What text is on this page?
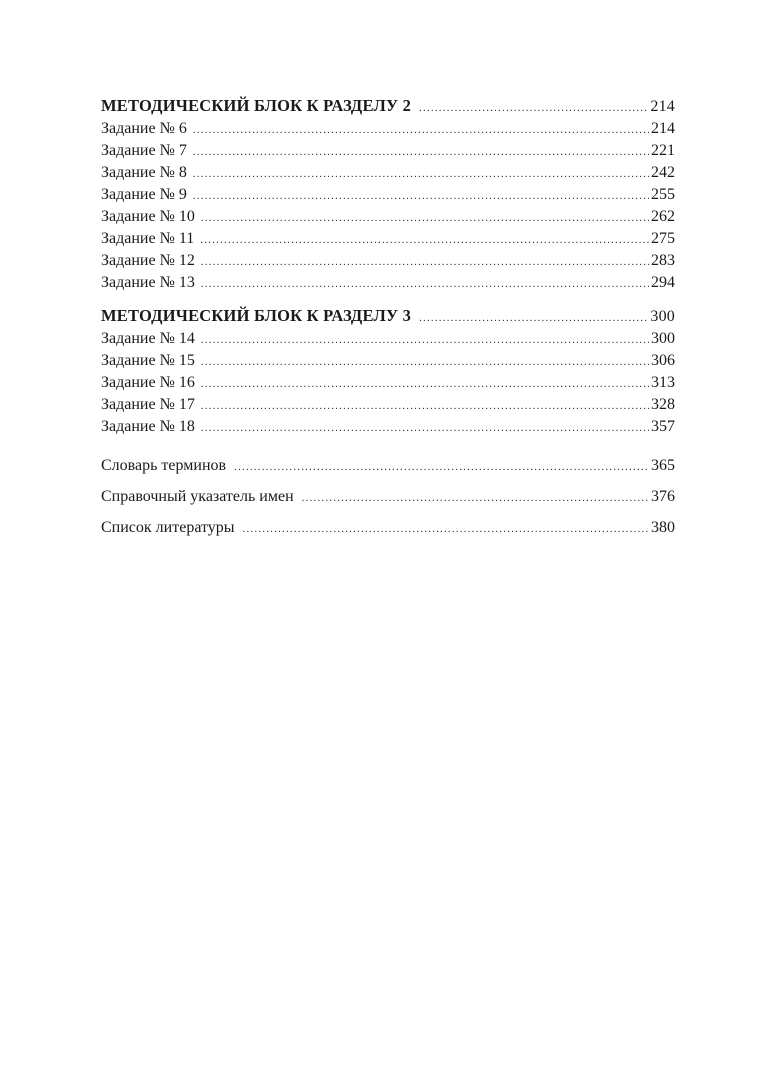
МЕТОДИЧЕСКИЙ БЛОК К РАЗДЕЛУ 2 .....	214
Задание № 6 .....	214
Задание № 7 .....	221
Задание № 8 .....	242
Задание № 9 .....	255
Задание № 10 .....	262
Задание № 11 .....	275
Задание № 12 .....	283
Задание № 13 .....	294
МЕТОДИЧЕСКИЙ БЛОК К РАЗДЕЛУ 3 .....	300
Задание № 14 .....	300
Задание № 15 .....	306
Задание № 16 .....	313
Задание № 17 .....	328
Задание № 18 .....	357
Словарь терминов .....	365
Справочный указатель имен .....	376
Список литературы .....	380
